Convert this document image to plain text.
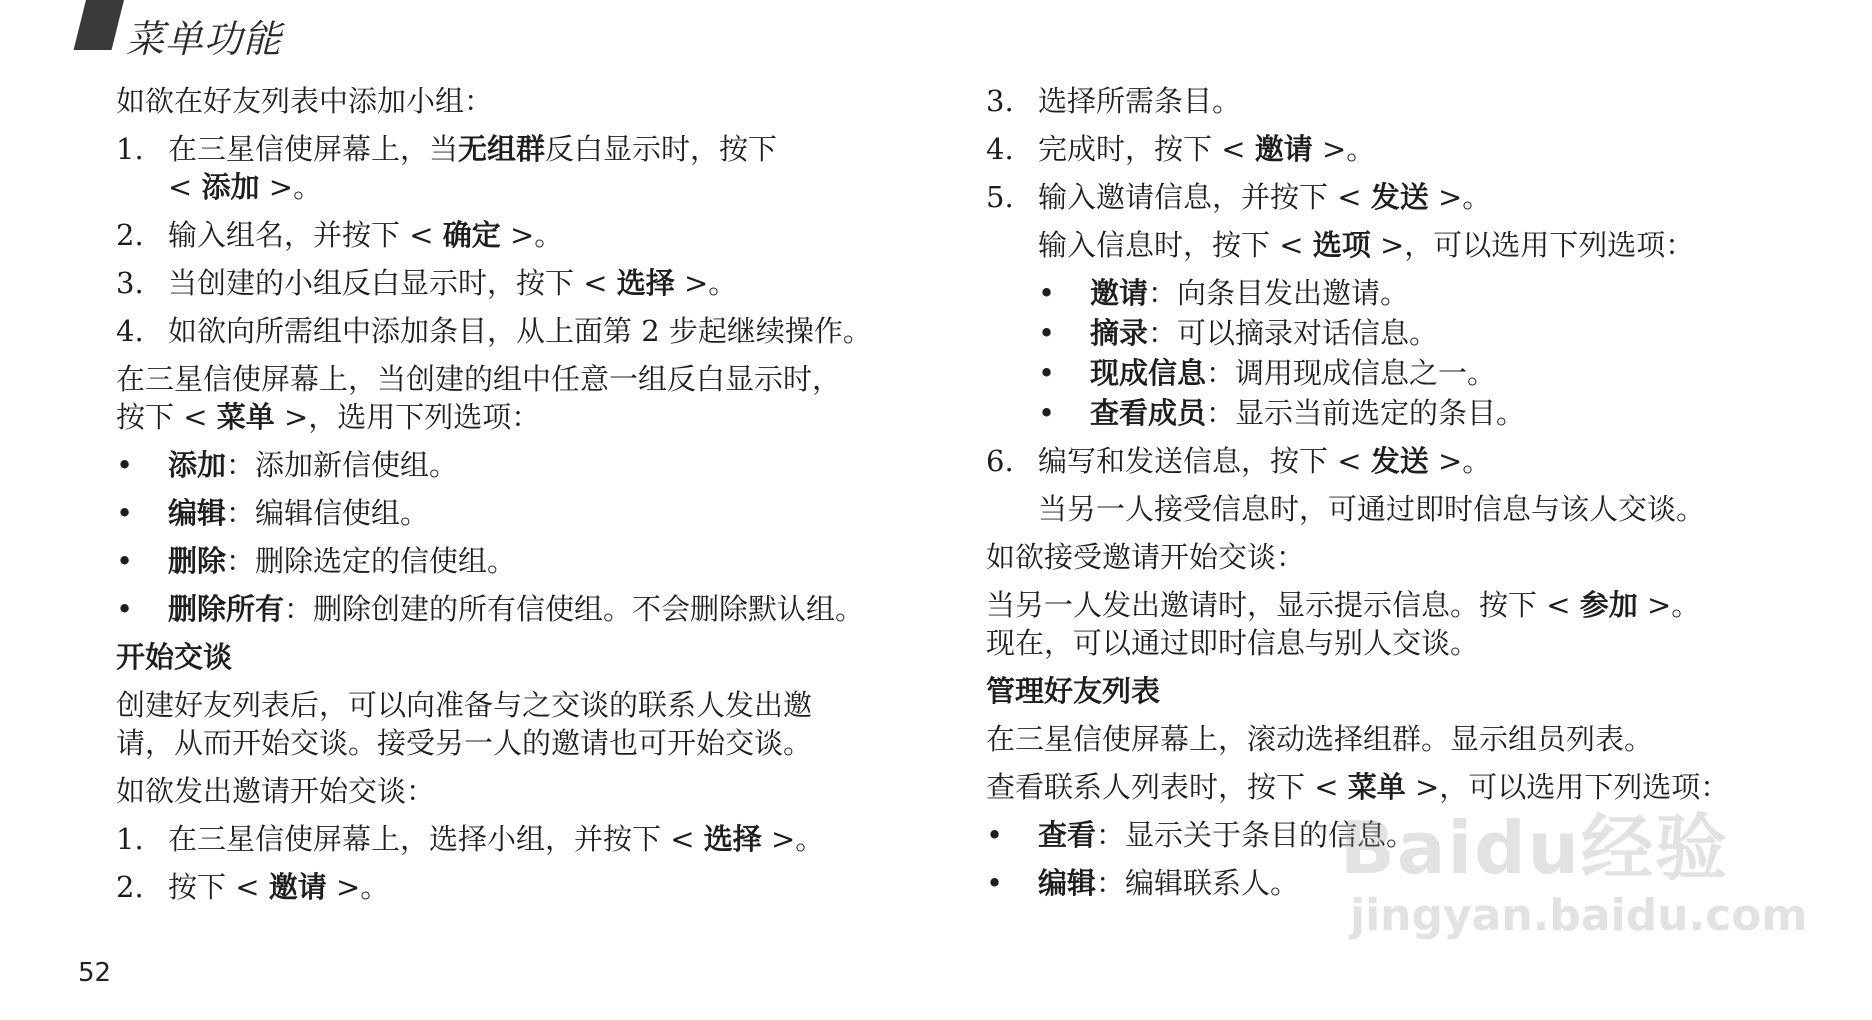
菜单功能

如欲在好友列表中添加小组：

1. 在三星信使屏幕上，当无组群反白显示时，按下
< 添加 >。
2. 输入组名，并按下 < 确定 >。
3. 当创建的小组反白显示时，按下 < 选择 >。
4. 如欲向所需组中添加条目，从上面第 2 步起继续操作。

在三星信使屏幕上，当创建的组中任意一组反白显示时，
按下 < 菜单 >，选用下列选项：

•	添加：添加新信使组。
•	编辑：编辑信使组。
•	删除：删除选定的信使组。
•	删除所有：删除创建的所有信使组。不会删除默认组。

开始交谈

创建好友列表后，可以向准备与之交谈的联系人发出邀
请，从而开始交谈。接受另一人的邀请也可开始交谈。

如欲发出邀请开始交谈：

1. 在三星信使屏幕上，选择小组，并按下 < 选择 >。
2. 按下 < 邀请 >。
3. 选择所需条目。
4. 完成时，按下 < 邀请 >。
5. 输入邀请信息，并按下 < 发送 >。

输入信息时，按下 < 选项 >，可以选用下列选项：

•	邀请：向条目发出邀请。
•	摘录：可以摘录对话信息。
•	现成信息：调用现成信息之一。
•	查看成员：显示当前选定的条目。
6. 编写和发送信息，按下 < 发送 >。

当另一人接受信息时，可通过即时信息与该人交谈。

如欲接受邀请开始交谈：

当另一人发出邀请时，显示提示信息。按下 < 参加 >。
现在，可以通过即时信息与别人交谈。

管理好友列表

在三星信使屏幕上，滚动选择组群。显示组员列表。

查看联系人列表时，按下 < 菜单 >，可以选用下列选项：

•	查看：显示关于条目的信息。
•	编辑：编辑联系人。
52
Baidu经验
jingyan.baidu.com
